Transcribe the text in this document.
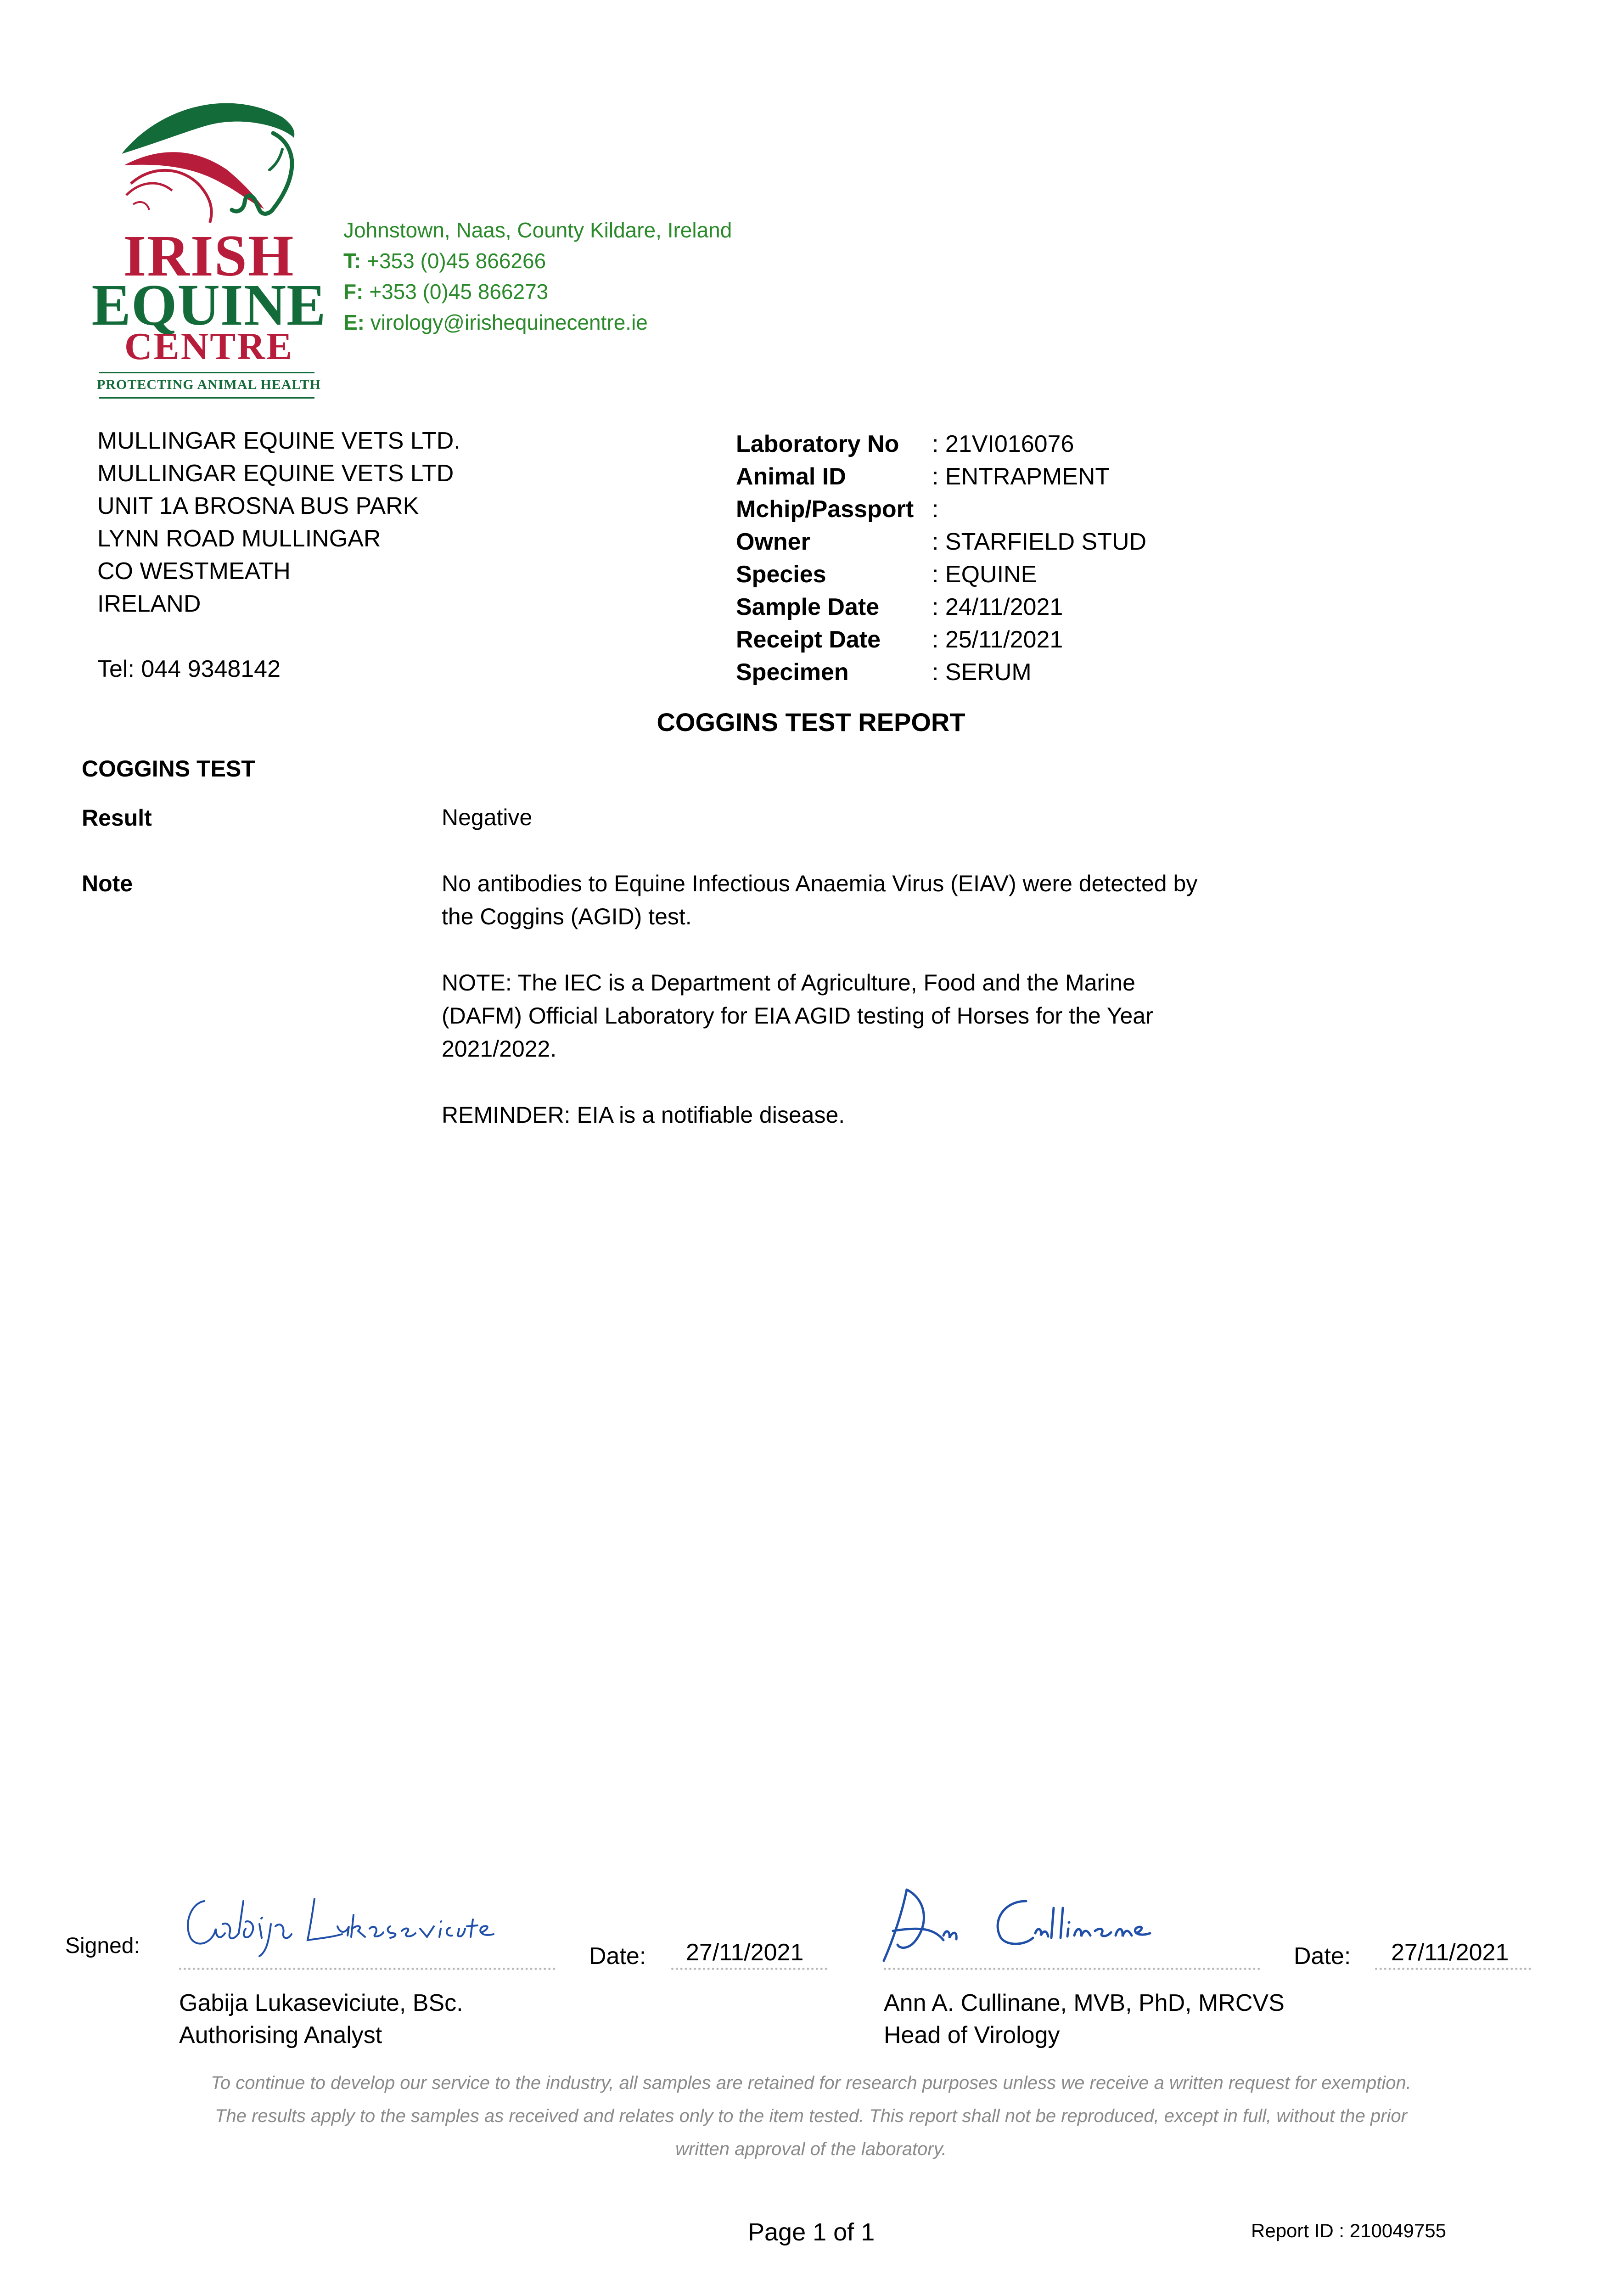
IRISH
EQUINE
CENTRE
PROTECTING ANIMAL HEALTH
Johnstown, Naas, County Kildare, Ireland
T: +353 (0)45 866266
F: +353 (0)45 866273
E: virology@irishequinecentre.ie
MULLINGAR EQUINE VETS LTD.
MULLINGAR EQUINE VETS LTD
UNIT 1A BROSNA BUS PARK
LYNN ROAD MULLINGAR
CO WESTMEATH
IRELAND
Tel: 044 9348142
Laboratory No	: 21VI016076
Animal ID	: ENTRAPMENT
Mchip/Passport :
Owner	: STARFIELD STUD
Species	: EQUINE
Sample Date	: 24/11/2021
Receipt Date	: 25/11/2021
Specimen	: SERUM
COGGINS TEST REPORT
COGGINS TEST
Result	Negative
Note	No antibodies to Equine Infectious Anaemia Virus (EIAV) were detected by
the Coggins (AGID) test.
NOTE: The IEC is a Department of Agriculture, Food and the Marine
(DAFM) Official Laboratory for EIA AGID testing of Horses for the Year
2021/2022.
REMINDER: EIA is a notifiable disease.
Signed:	Date: 27/11/2021
Gabija Lukaseviciute, BSc.
Authorising Analyst
Date: 27/11/2021
Ann A. Cullinane, MVB, PhD, MRCVS
Head of Virology
To continue to develop our service to the industry, all samples are retained for research purposes unless we receive a written request for exemption.
The results apply to the samples as received and relates only to the item tested. This report shall not be reproduced, except in full, without the prior
written approval of the laboratory.
Page 1 of 1	Report ID : 210049755
